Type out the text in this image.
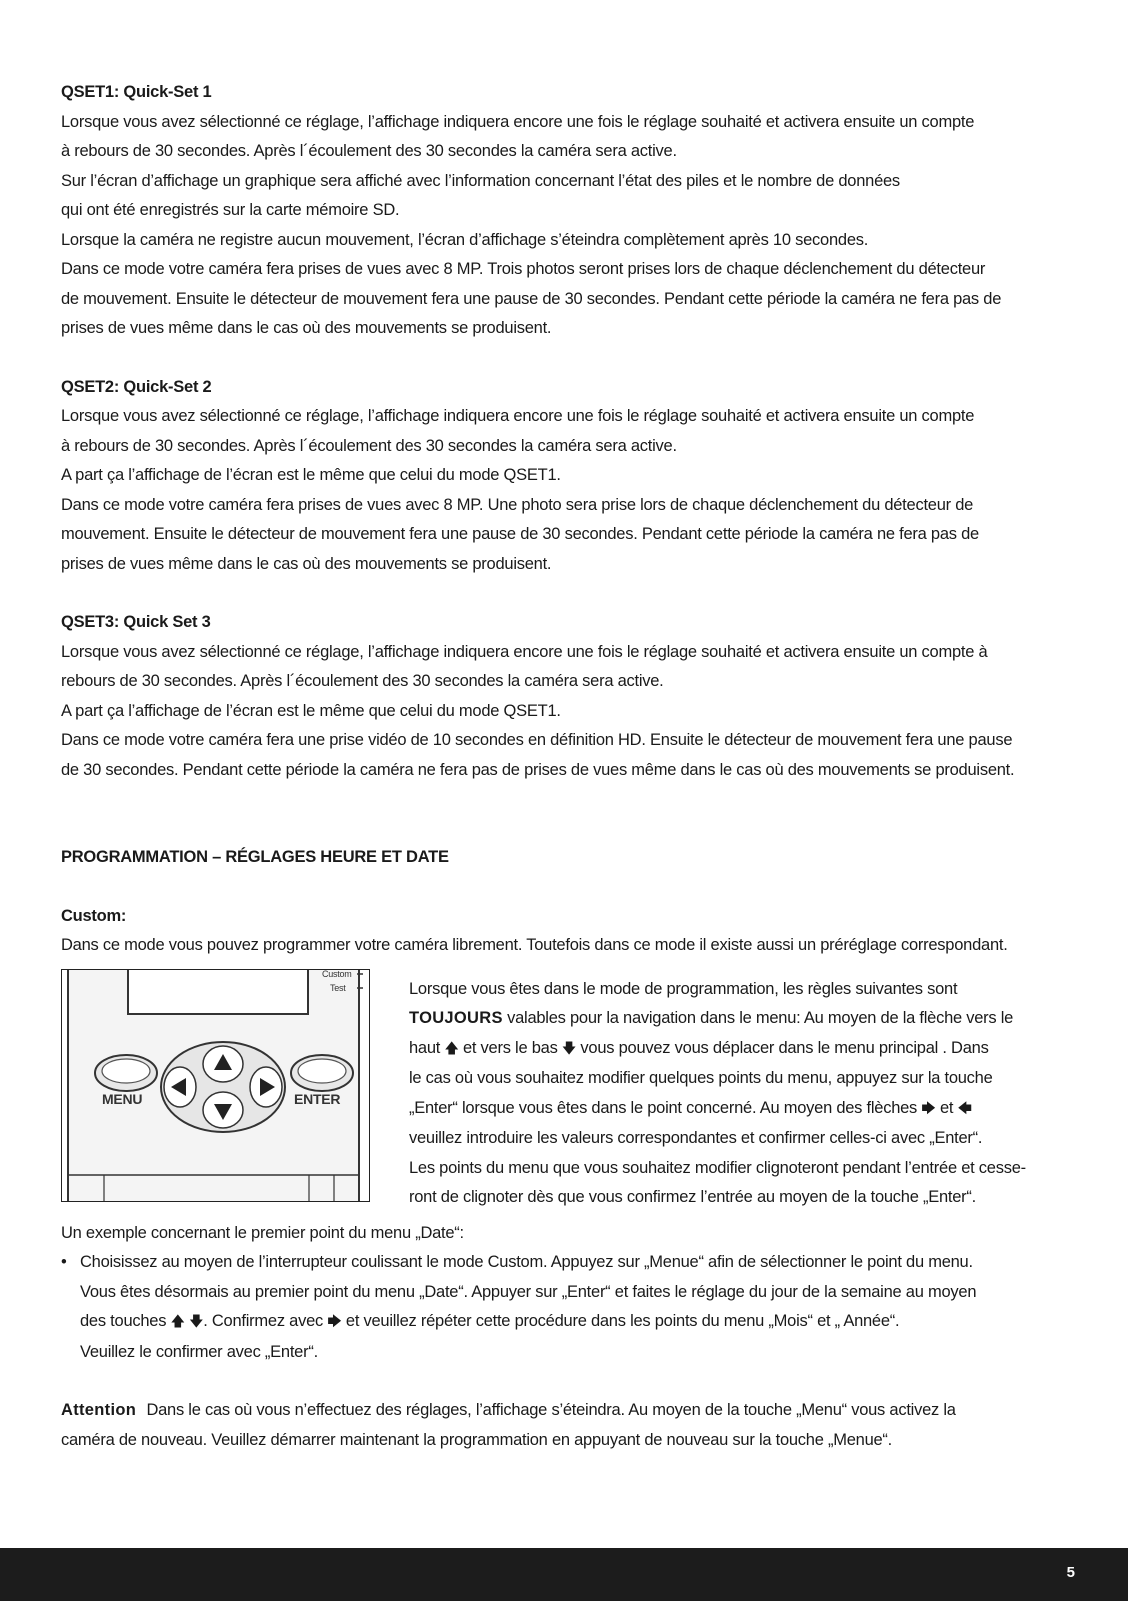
QSET1: Quick-Set 1

Lorsque vous avez sélectionné ce réglage, l’affichage indiquera encore une fois le réglage souhaité et activera ensuite un compte

à rebours de 30 secondes. Après l´écoulement des 30 secondes la caméra sera active.

Sur l’écran d’affichage un graphique sera affiché avec l’information concernant l’état des piles et le nombre de données

qui ont été enregistrés sur la carte mémoire SD.

Lorsque la caméra ne registre aucun mouvement, l’écran d’affichage s’éteindra complètement après 10 secondes.

Dans ce mode votre caméra fera prises de vues avec 8 MP. Trois photos seront prises lors de chaque déclenchement du détecteur

de mouvement. Ensuite le détecteur de mouvement fera une pause de 30 secondes. Pendant cette période la caméra ne fera pas de

prises de vues même dans le cas où des mouvements se produisent.

QSET2: Quick-Set 2

Lorsque vous avez sélectionné ce réglage, l’affichage indiquera encore une fois le réglage souhaité et activera ensuite un compte

à rebours de 30 secondes. Après l´écoulement des 30 secondes la caméra sera active.

A part ça l’affichage de l’écran est le même que celui du mode QSET1.

Dans ce mode votre caméra fera prises de vues avec 8 MP. Une photo sera prise lors de chaque déclenchement du détecteur de

mouvement. Ensuite le détecteur de mouvement fera une pause de 30 secondes. Pendant cette période la caméra ne fera pas de

prises de vues même dans le cas où des mouvements se produisent.

QSET3: Quick Set 3

Lorsque vous avez sélectionné ce réglage, l’affichage indiquera encore une fois le réglage souhaité et activera ensuite un compte à

rebours de 30 secondes. Après l´écoulement des 30 secondes la caméra sera active.

A part ça l’affichage de l’écran est le même que celui du mode QSET1.

Dans ce mode votre caméra fera une prise vidéo de 10 secondes en définition HD. Ensuite le détecteur de mouvement fera une pause

de 30 secondes. Pendant cette période la caméra ne fera pas de prises de vues même dans le cas où des mouvements se produisent.

PROGRAMMATION – RÉGLAGES HEURE ET DATE

Custom:

Dans ce mode vous pouvez programmer votre caméra librement. Toutefois dans ce mode il existe aussi un préréglage correspondant.

Custom
Test
MENU	ENTER

Lorsque vous êtes dans le mode de programmation, les règles suivantes sont

TOUJOURS valables pour la navigation dans le menu: Au moyen de la flèche vers le

haut 🡅 et vers le bas 🡇 vous pouvez vous déplacer dans le menu principal . Dans

le cas où vous souhaitez modifier quelques points du menu, appuyez sur la touche

„Enter“ lorsque vous êtes dans le point concerné. Au moyen des flèches 🡆 et 🡄

veuillez introduire les valeurs correspondantes et confirmer celles-ci avec „Enter“.

Les points du menu que vous souhaitez modifier clignoteront pendant l’entrée et cesse-

ront de clignoter dès que vous confirmez l’entrée au moyen de la touche „Enter“.

Un exemple concernant le premier point du menu „Date“:

• Choisissez au moyen de l’interrupteur coulissant le mode Custom. Appuyez sur „Menue“ afin de sélectionner le point du menu.
Vous êtes désormais au premier point du menu „Date“. Appuyer sur „Enter“ et faites le réglage du jour de la semaine au moyen
des touches 🡅 🡇. Confirmez avec 🡆 et veuillez répéter cette procédure dans les points du menu „Mois“ et „ Année“.
Veuillez le confirmer avec „Enter“.

Attention Dans le cas où vous n’effectuez des réglages, l’affichage s’éteindra. Au moyen de la touche „Menu“ vous activez la

caméra de nouveau. Veuillez démarrer maintenant la programmation en appuyant de nouveau sur la touche „Menue“.

5
